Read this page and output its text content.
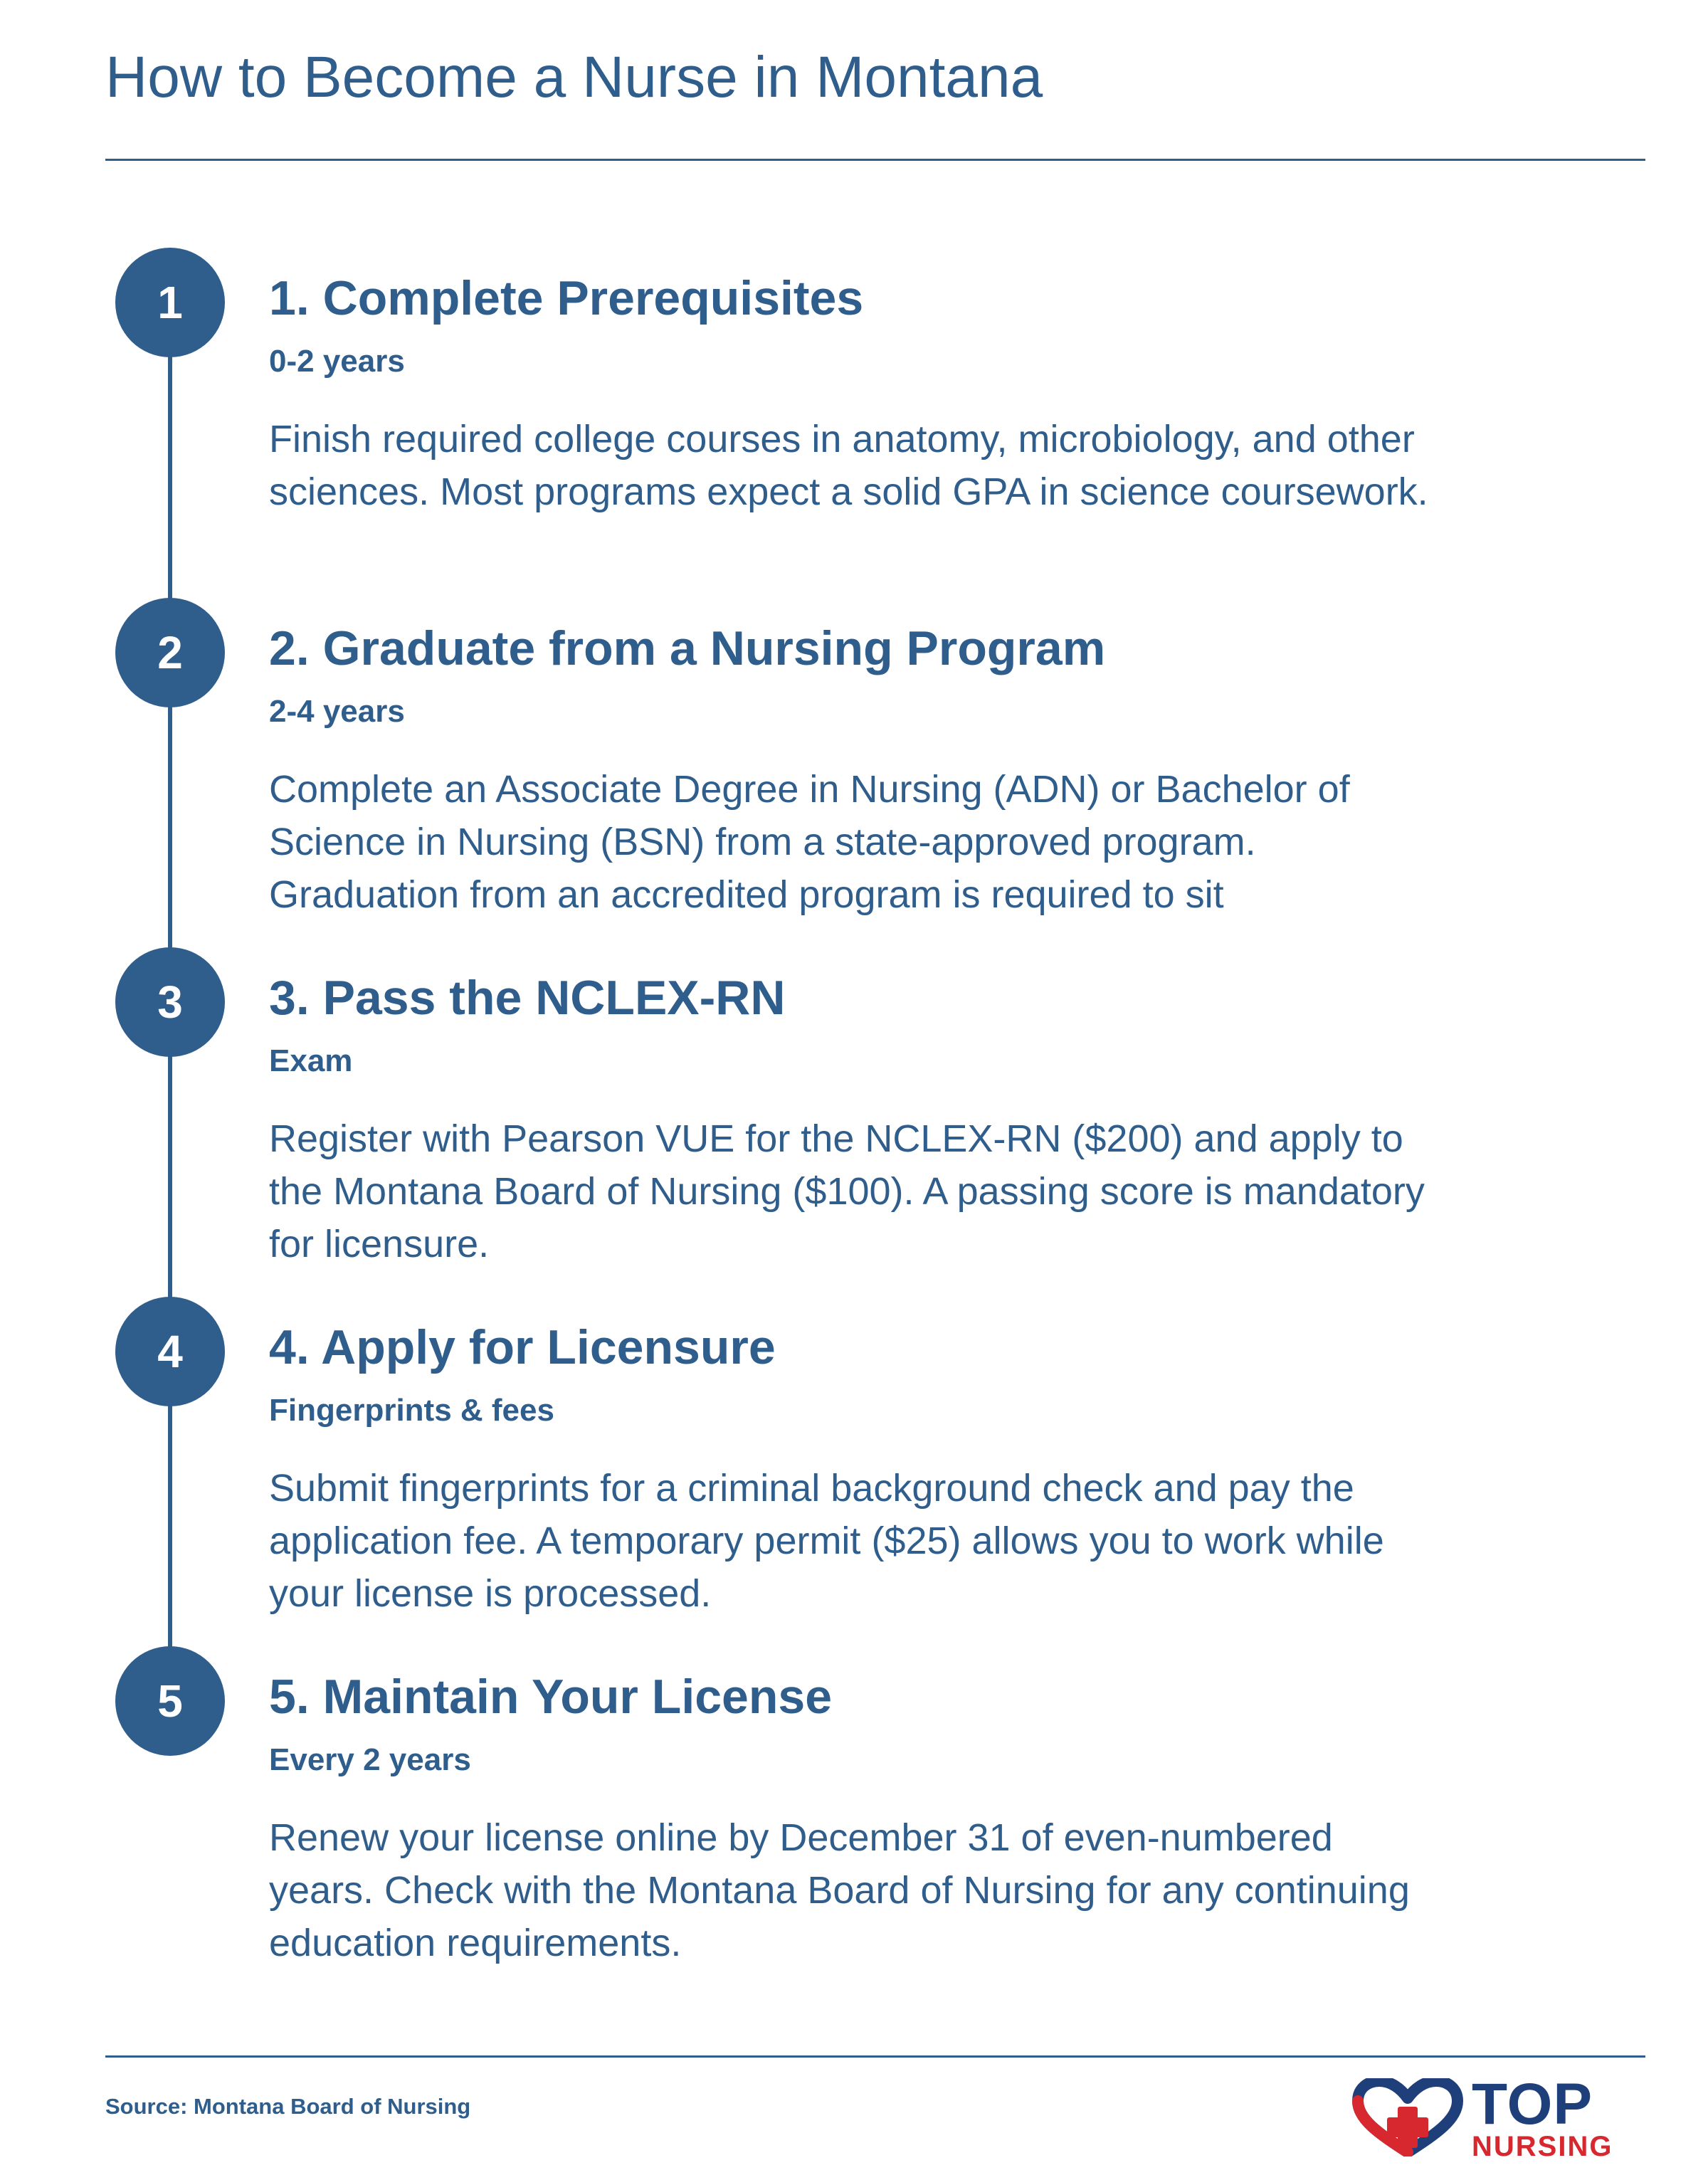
How to Become a Nurse in Montana
1	1. Complete Prerequisites
0-2 years

Finish required college courses in anatomy, microbiology, and other sciences. Most programs expect a solid GPA in science coursework.

2	2. Graduate from a Nursing Program
2-4 years

Complete an Associate Degree in Nursing (ADN) or Bachelor of Science in Nursing (BSN) from a state-approved program. Graduation from an accredited program is required to sit

3	3. Pass the NCLEX-RN
Exam

Register with Pearson VUE for the NCLEX-RN ($200) and apply to the Montana Board of Nursing ($100). A passing score is mandatory for licensure.

4	4. Apply for Licensure
Fingerprints & fees

Submit fingerprints for a criminal background check and pay the application fee. A temporary permit ($25) allows you to work while your license is processed.

5	5. Maintain Your License
Every 2 years

Renew your license online by December 31 of even-numbered years. Check with the Montana Board of Nursing for any continuing education requirements.

Source: Montana Board of Nursing	TOP
NURSING
